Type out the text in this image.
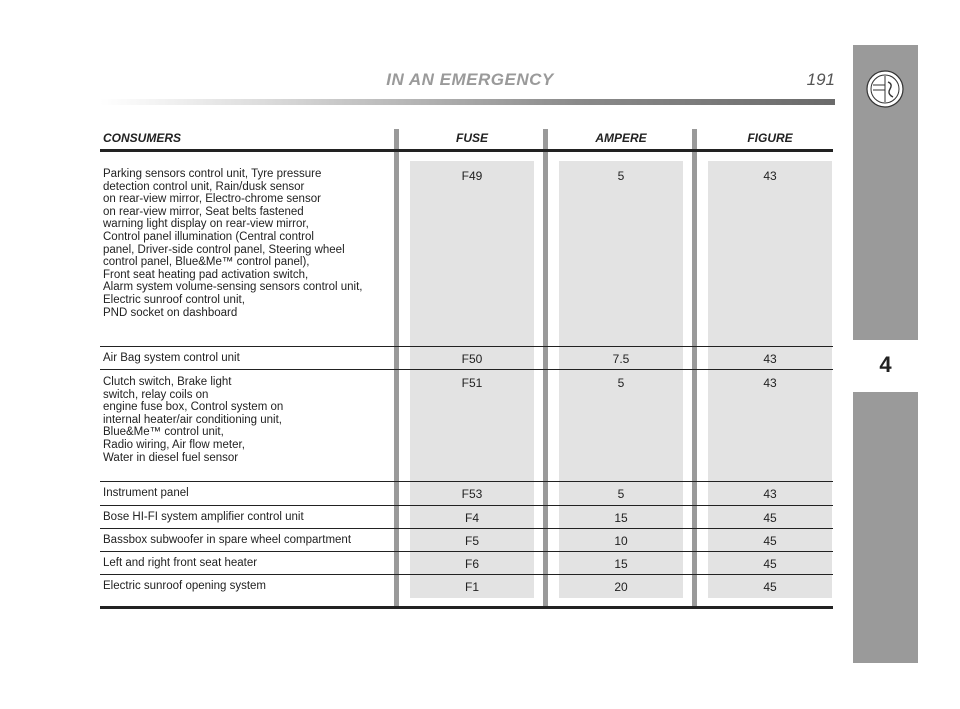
IN AN EMERGENCY	191
4
CONSUMERS	FUSE	AMPERE	FIGURE
Parking sensors control unit, Tyre pressure
detection control unit, Rain/dusk sensor
on rear-view mirror, Electro-chrome sensor
on rear-view mirror, Seat belts fastened
warning light display on rear-view mirror,
Control panel illumination (Central control
panel, Driver-side control panel, Steering wheel
control panel, Blue&Me™ control panel),
Front seat heating pad activation switch,
Alarm system volume-sensing sensors control unit,
Electric sunroof control unit,
PND socket on dashboard
F49	5	43
Air Bag system control unit	F50	7.5	43
Clutch switch, Brake light
switch, relay coils on
engine fuse box, Control system on
internal heater/air conditioning unit,
Blue&Me™ control unit,
Radio wiring, Air flow meter,
Water in diesel fuel sensor
F51	5	43
Instrument panel	F53	5	43
Bose HI-FI system amplifier control unit	F4	15	45
Bassbox subwoofer in spare wheel compartment	F5	10	45
Left and right front seat heater	F6	15	45
Electric sunroof opening system	F1	20	45
